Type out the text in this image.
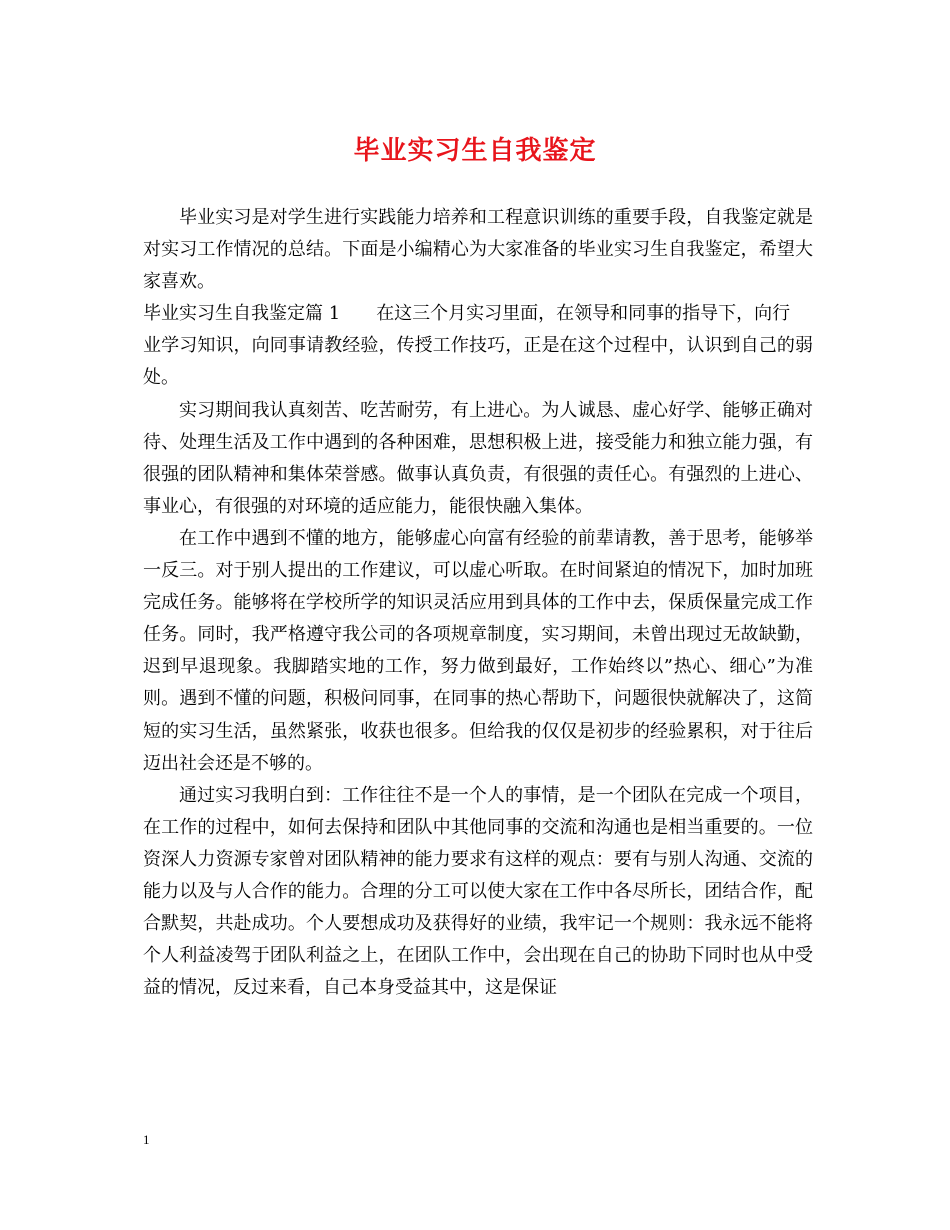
毕业实习生自我鉴定

毕业实习是对学生进行实践能力培养和工程意识训练的重要手段，自我鉴定就是对实习工作情况的总结。下面是小编精心为大家准备的毕业实习生自我鉴定，希望大家喜欢。

毕业实习生自我鉴定篇 1 在这三个月实习里面，在领导和同事的指导下，向行

业学习知识，向同事请教经验，传授工作技巧，正是在这个过程中，认识到自己的弱处。

实习期间我认真刻苦、吃苦耐劳，有上进心。为人诚恳、虚心好学、能够正确对待、处理生活及工作中遇到的各种困难，思想积极上进，接受能力和独立能力强，有很强的团队精神和集体荣誉感。做事认真负责，有很强的责任心。有强烈的上进心、事业心，有很强的对环境的适应能力，能很快融入集体。

在工作中遇到不懂的地方，能够虚心向富有经验的前辈请教，善于思考，能够举一反三。对于别人提出的工作建议，可以虚心听取。在时间紧迫的情况下，加时加班完成任务。能够将在学校所学的知识灵活应用到具体的工作中去，保质保量完成工作任务。同时，我严格遵守我公司的各项规章制度，实习期间，未曾出现过无故缺勤，迟到早退现象。我脚踏实地的工作，努力做到最好，工作始终以”热心、细心”为准则。遇到不懂的问题，积极问同事，在同事的热心帮助下，问题很快就解决了，这简短的实习生活，虽然紧张，收获也很多。但给我的仅仅是初步的经验累积，对于往后迈出社会还是不够的。

通过实习我明白到：工作往往不是一个人的事情，是一个团队在完成一个项目，在工作的过程中，如何去保持和团队中其他同事的交流和沟通也是相当重要的。一位资深人力资源专家曾对团队精神的能力要求有这样的观点：要有与别人沟通、交流的能力以及与人合作的能力。合理的分工可以使大家在工作中各尽所长，团结合作，配合默契，共赴成功。个人要想成功及获得好的业绩，我牢记一个规则：我永远不能将个人利益凌驾于团队利益之上，在团队工作中，会出现在自己的协助下同时也从中受益的情况，反过来看，自己本身受益其中，这是保证

1
